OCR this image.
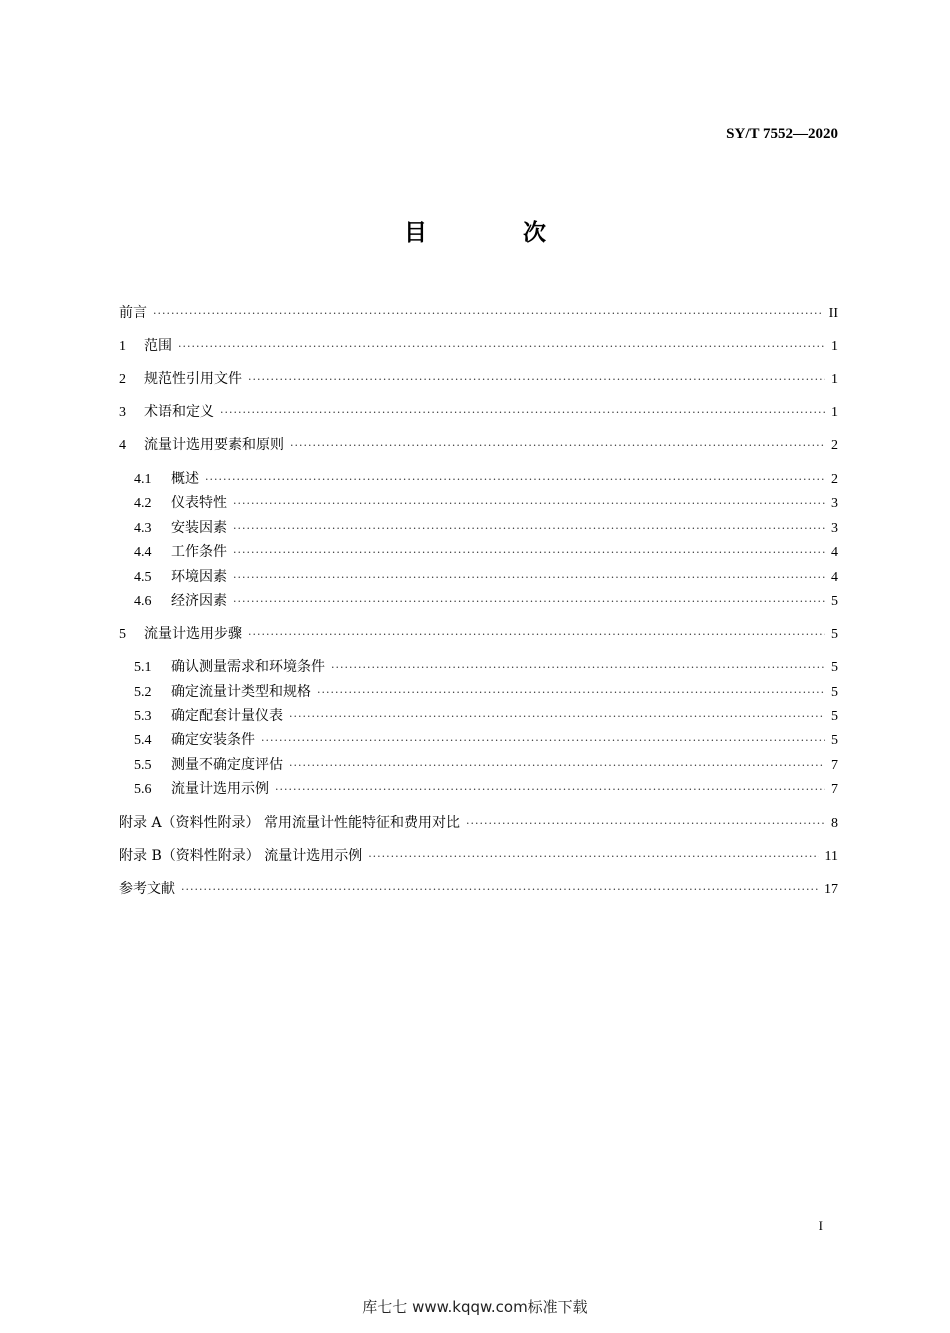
SY/T 7552—2020
目 次
前言 ·····	II
1	范围 ·····	1
2	规范性引用文件 ·····	1
3	术语和定义 ·····	1
4	流量计选用要素和原则 ·····	2
4.1	概述 ·····	2
4.2	仪表特性 ·····	3
4.3	安装因素 ·····	3
4.4	工作条件 ·····	4
4.5	环境因素 ·····	4
4.6	经济因素 ·····	5
5	流量计选用步骤 ·····	5
5.1	确认测量需求和环境条件 ·····	5
5.2	确定流量计类型和规格 ·····	5
5.3	确定配套计量仪表 ·····	5
5.4	确定安装条件 ·····	5
5.5	测量不确定度评估 ·····	7
5.6	流量计选用示例 ·····	7
附录 A（资料性附录） 常用流量计性能特征和费用对比 ·····	8
附录 B（资料性附录） 流量计选用示例 ·····	11
参考文献 ·····	17
I
库七七 www.kqqw.com标准下载
